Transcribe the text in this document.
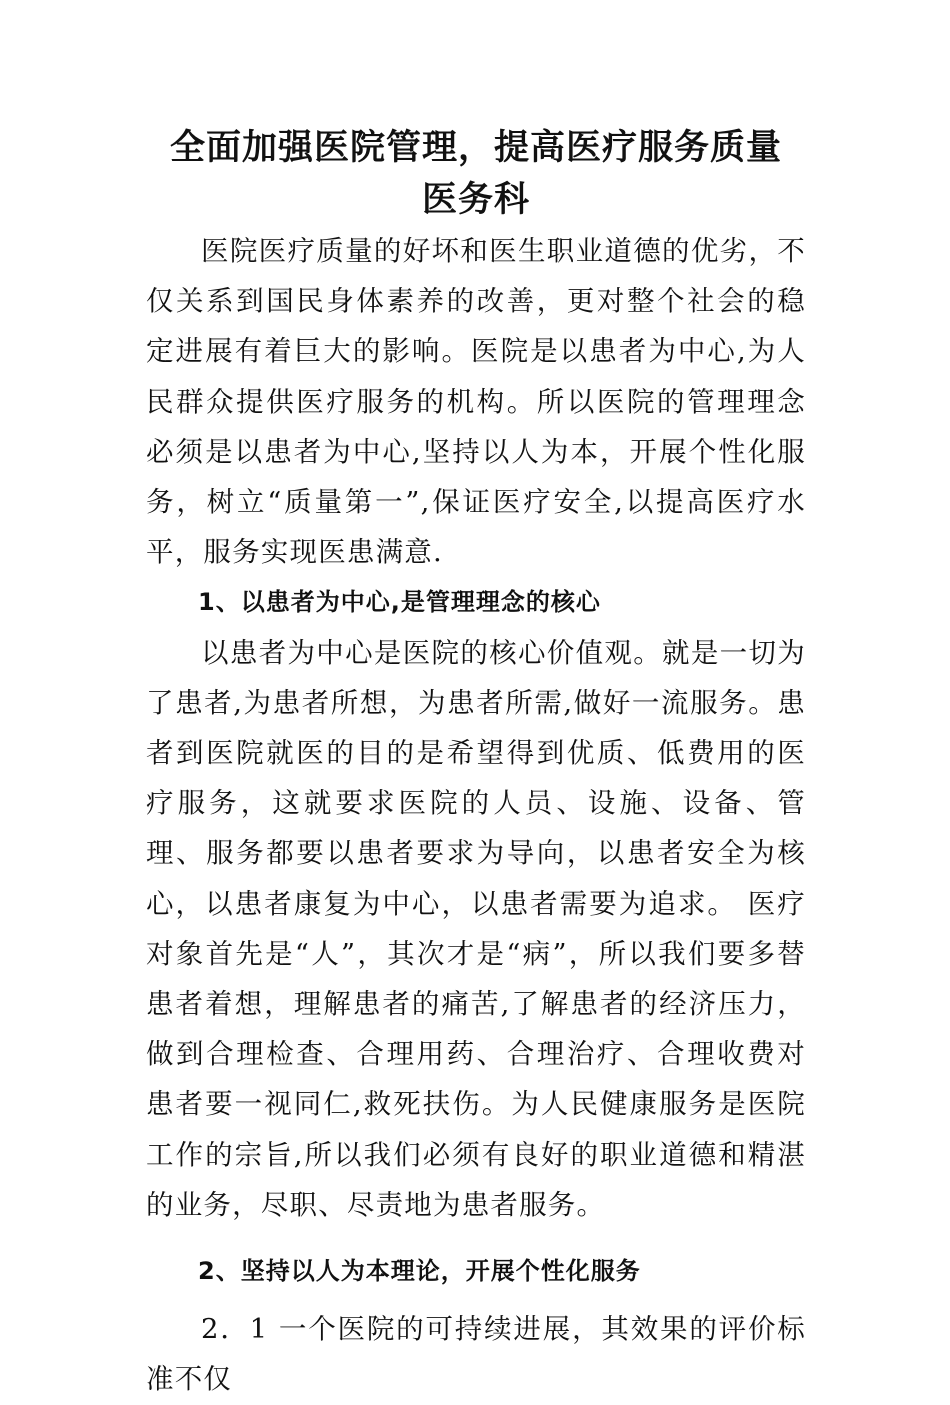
全面加强医院管理，提高医疗服务质量
医务科

医院医疗质量的好坏和医生职业道德的优劣，不仅关系到国民身体素养的改善，更对整个社会的稳定进展有着巨大的影响。医院是以患者为中心,为人民群众提供医疗服务的机构。所以医院的管理理念必须是以患者为中心,坚持以人为本，开展个性化服务，树立“质量第一”,保证医疗安全,以提高医疗水平，服务实现医患满意.

1、以患者为中心,是管理理念的核心

以患者为中心是医院的核心价值观。就是一切为了患者,为患者所想，为患者所需,做好一流服务。患者到医院就医的目的是希望得到优质、低费用的医疗服务，这就要求医院的人员、设施、设备、管理、服务都要以患者要求为导向，以患者安全为核心，以患者康复为中心，以患者需要为追求。 医疗对象首先是“人”，其次才是“病”，所以我们要多替患者着想，理解患者的痛苦,了解患者的经济压力，做到合理检查、合理用药、合理治疗、合理收费对患者要一视同仁,救死扶伤。为人民健康服务是医院工作的宗旨,所以我们必须有良好的职业道德和精湛的业务，尽职、尽责地为患者服务。

2、坚持以人为本理论，开展个性化服务

2．1 一个医院的可持续进展，其效果的评价标准不仅
